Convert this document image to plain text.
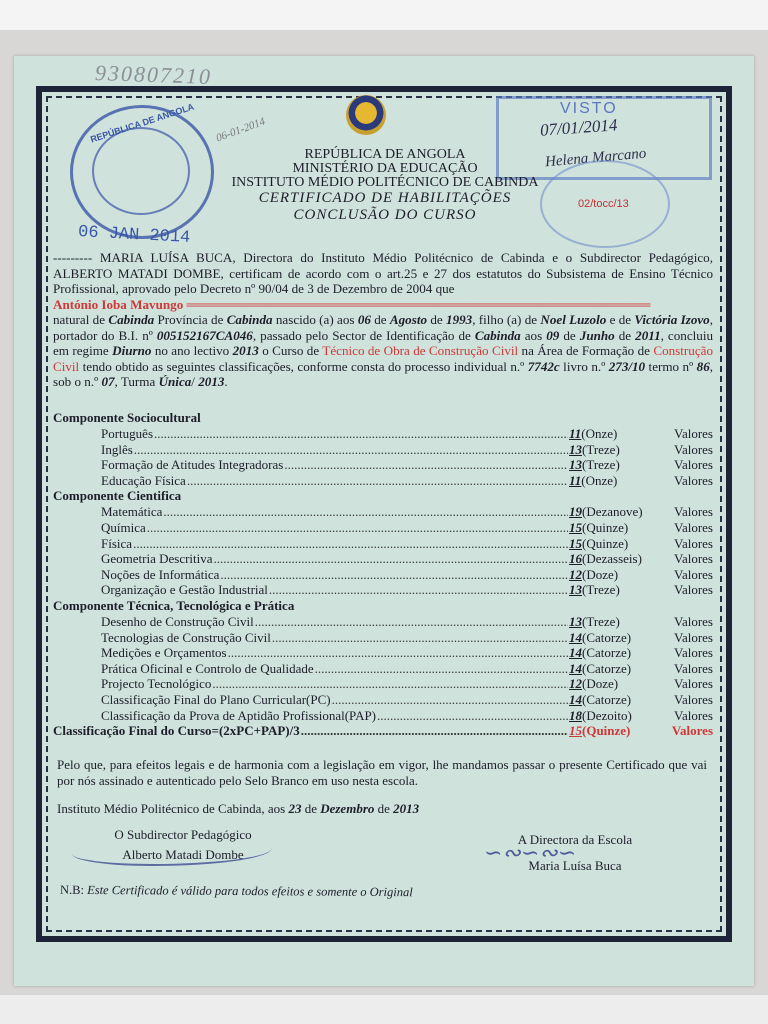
930807210
REPÚBLICA DE ANGOLA
06 JAN 2014
06-01-2014
VISTO
07/01/2014
Helena Marcano
02/tocc/13
REPÚBLICA DE ANGOLA
MINISTÉRIO DA EDUCAÇÃO
INSTITUTO MÉDIO POLITÉCNICO DE CABINDA
CERTIFICADO DE HABILITAÇÕES
CONCLUSÃO DO CURSO
--------- MARIA LUÍSA BUCA, Directora do Instituto Médio Politécnico de Cabinda e o Subdirector Pedagógico, ALBERTO MATADI DOMBE, certificam de acordo com o art.25 e 27 dos estatutos do Subsistema de Ensino Técnico Profissional, aprovado pelo Decreto nº 90/04 de 3 de Dezembro de 2004 que
António Ioba Mavungo ══════════════════════════════════════════════════
natural de Cabinda Província de Cabinda nascido (a) aos 06 de Agosto de 1993, filho (a) de Noel Luzolo e de Victória Izovo, portador do B.I. nº 005152167CA046, passado pelo Sector de Identificação de Cabinda aos 09 de Junho de 2011, concluiu em regime Diurno no ano lectivo 2013 o Curso de Técnico de Obra de Construção Civil na Área de Formação de Construção Civil tendo obtido as seguintes classificações, conforme consta do processo individual n.º 7742c livro n.º 273/10 termo nº 86, sob o n.º 07, Turma Única/ 2013.
Componente Sociocultural
Português .....	11(Onze)	Valores
Inglês .....	13(Treze)	Valores
Formação de Atitudes Integradoras .....	13(Treze)	Valores
Educação Física .....	11(Onze)	Valores
Componente Cientifica
Matemática .....	19(Dezanove)	Valores
Química .....	15(Quinze)	Valores
Física .....	15(Quinze)	Valores
Geometria Descritiva .....	16(Dezasseis)	Valores
Noções de Informática .....	12(Doze)	Valores
Organização e Gestão Industrial .....	13(Treze)	Valores
Componente Técnica, Tecnológica e Prática
Desenho de Construção Civil .....	13(Treze)	Valores
Tecnologias de Construção Civil .....	14(Catorze)	Valores
Medições e Orçamentos .....	14(Catorze)	Valores
Prática Oficinal e Controlo de Qualidade .....	14(Catorze)	Valores
Projecto Tecnológico .....	12(Doze)	Valores
Classificação Final do Plano Curricular(PC) .....	14(Catorze)	Valores
Classificação da Prova de Aptidão Profissional(PAP) .....	18(Dezoito)	Valores
Classificação Final do Curso=(2xPC+PAP)/3 .....	15(Quinze)	Valores
Pelo que, para efeitos legais e de harmonia com a legislação em vigor, lhe mandamos passar o presente Certificado que vai por nós assinado e autenticado pelo Selo Branco em uso nesta escola.
Instituto Médio Politécnico de Cabinda, aos 23 de Dezembro de 2013
O Subdirector Pedagógico
Alberto Matadi Dombe	∽∾∽∾∽
A Directora da Escola
Maria Luísa Buca
N.B: Este Certificado é válido para todos efeitos e somente o Original
